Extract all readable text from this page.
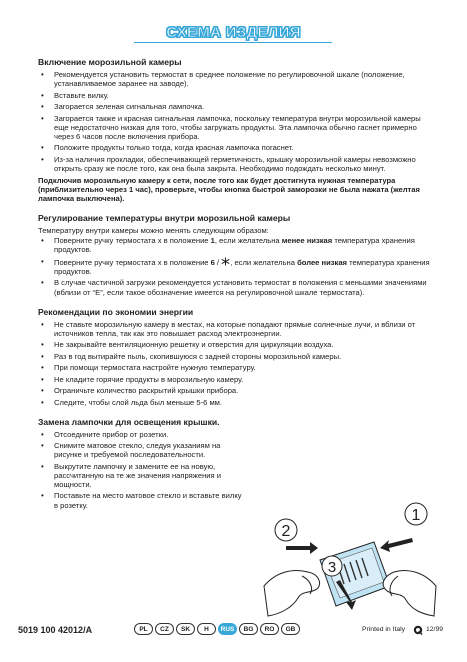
СХЕМА ИЗДЕЛИЯ
Включение морозильной камеры
• Рекомендуется установить термостат в среднее положение по регулировочной шкале (положение, устанавливаемое заранее на заводе).
• Вставьте вилку.
• Загорается зеленая сигнальная лампочка.
• Загорается также и красная сигнальная лампочка, поскольку температура внутри морозильной камеры еще недостаточно низкая для того, чтобы загружать продукты. Эта лампочка обычно гаснет примерно через 6 часов после включения прибора.
• Положите продукты только тогда, когда красная лампочка погаснет.
• Из-за наличия прокладки, обеспечивающей герметичность, крышку морозильной камеры невозможно открыть сразу же после того, как она была закрыта. Необходимо подождать несколько минут.

Подключив морозильную камеру к сети, после того как будет достигнута нужная температура (приблизительно через 1 час), проверьте, чтобы кнопка быстрой заморозки не была нажата (желтая лампочка выключена).

Регулирование температуры внутри морозильной камеры

Температуру внутри камеры можно менять следующим образом:

• Поверните ручку термостата x в положение 1, если желательна менее низкая температура хранения продуктов.
• Поверните ручку термостата x в положение 6 / , если желательна более низкая температура хранения продуктов.
• В случае частичной загрузки рекомендуется установить термостат в положения с меньшими значениями (вблизи от “E”, если такое обозначение имеется на регулировочной шкале термостата).
Рекомендации по экономии энергии
• Не ставьте морозильную камеру в местах, на которые попадают прямые солнечные лучи, и вблизи от источников тепла, так как это повышает расход электроэнергии.
• Не закрывайте вентиляционную решетку и отверстия для циркуляции воздуха.
• Раз в год вытирайте пыль, скопившуюся с задней стороны морозильной камеры.
• При помощи термостата настройте нужную температуру.
• Не кладите горячие продукты в морозильную камеру.
• Ограничьте количество раскрытий крышки прибора.
• Следите, чтобы слой льда был меньше 5-6 мм.
Замена лампочки для освещения крышки.
• Отсоедините прибор от розетки.
• Снимите матовое стекло, следуя указаниям на рисунке и требуемой последовательности.
• Выкрутите лампочку и замените ее на новую, рассчитанную на те же значения напряжения и мощности.
• Поставьте на место матовое стекло и вставьте вилку в розетку.
1
2
3
5019 100 42012/A	PL	CZ	SK	H	RUS	BG	RO	GB	Printed in Italy	12/99
